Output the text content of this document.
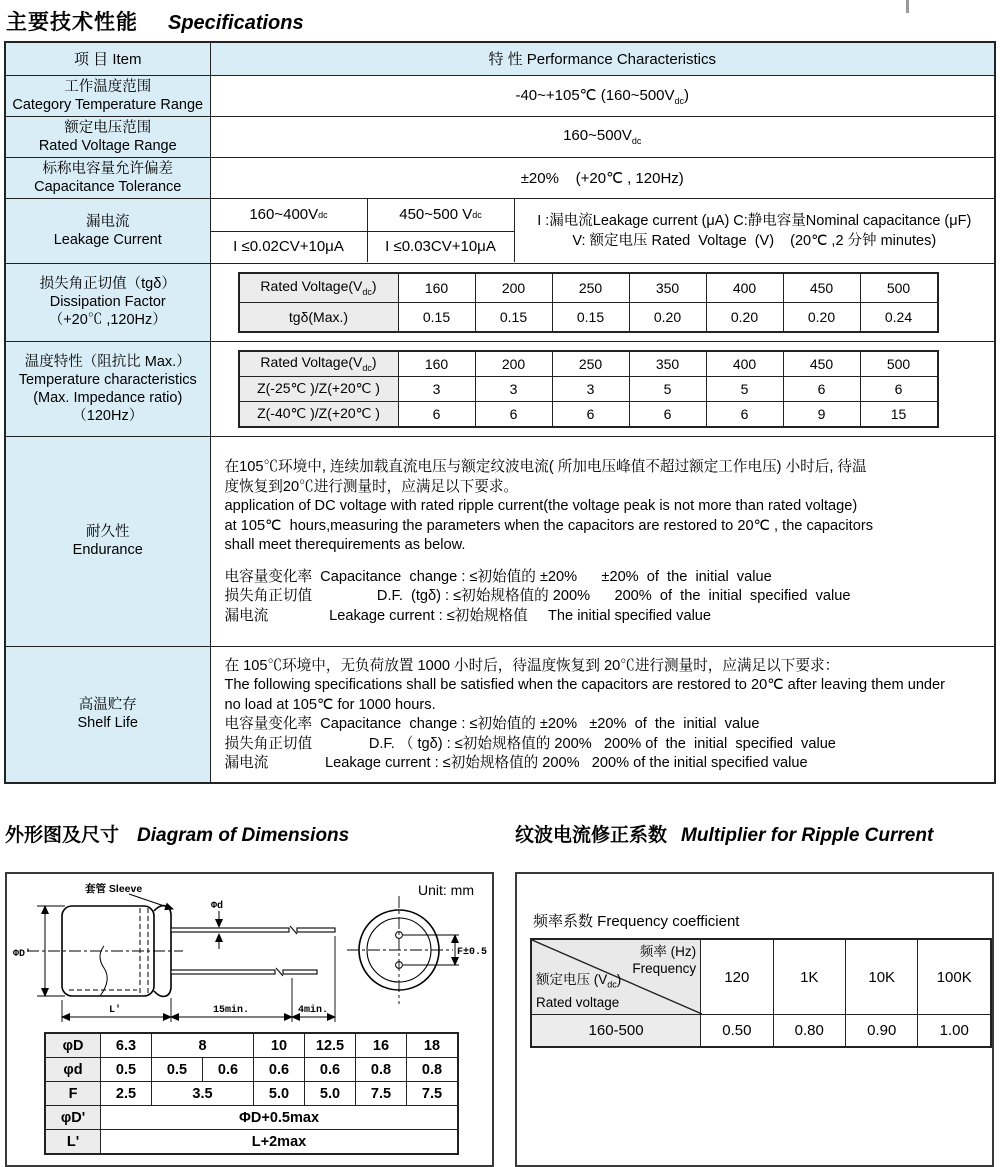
主要技术性能 Specifications
项 目 Item	特 性 Performance Characteristics

工作温度范围
Category Temperature Range
	-40~+105℃ $(160\sim 500V_{dc})$

额定电压范围
Rated Voltage Range
	$160\sim 500V_{dc}$

标称电容量允许偏差
Capacitance Tolerance	±20%    (+20℃ , 120Hz)

漏电流
Leakage Current

160~400V dc	450~500 V dc
I ≤0.02CV+10μA	I ≤0.03CV+10μA
I :漏电流Leakage current (μA) C:静电容量Nominal capacitance (μF)
V: 额定电压 Rated  Voltage  (V)    (20℃ ,2 分钟 minutes)

损失角正切值（tgδ）
Dissipation Factor
（+20℃ ,120Hz）

Rated $Voltage(V_{dc})$	160	200	250	350	400	450	500
tgδ(Max.)	0.15	0.15	0.15	0.20	0.20	0.20	0.24

温度特性（阻抗比 Max.）
Temperature characteristics
(Max. Impedance ratio)
（120Hz）

Rated $Voltage(V_{dc})$	160	200	250	350	400	450	500
Z(-25℃ )/Z(+20℃ )	3	3	3	5	5	6	6
Z(-40℃ )/Z(+20℃ )	6	6	6	6	6	9	15

耐久性
Endurance

在105℃环境中, 连续加载直流电压与额定纹波电流( 所加电压峰值不超过额定工作电压) 小时后, 待温
度恢复到20℃进行测量时，应满足以下要求。
application of DC voltage with rated ripple current(the voltage peak is not more than rated voltage)
at 105℃  hours,measuring the parameters when the capacitors are restored to 20℃ , the capacitors
shall meet therequirements as below.
电容量变化率  Capacitance  change : ≤初始值的 ±20%      ±20%  of  the  initial  value
损失角正切值                D.F.  (tgδ) : ≤初始规格值的 200%      200%  of  the  initial  specified  value
漏电流               Leakage current : ≤初始规格值     The initial specified value

高温贮存
Shelf Life

在 105℃环境中，无负荷放置 1000 小时后，待温度恢复到 20℃进行测量时，应满足以下要求：
The following specifications shall be satisfied when the capacitors are restored to 20℃ after leaving them under
no load at 105℃ for 1000 hours.
电容量变化率  Capacitance  change : ≤初始值的 ±20%   ±20%  of  the  initial  value
损失角正切值              D.F. （ tgδ) : ≤初始规格值的 200%   200% of  the  initial  specified  value
漏电流              Leakage current : ≤初始规格值的 200%   200% of the initial specified value
外形图及尺寸 Diagram of Dimensions	纹波电流修正系数 Multiplier for Ripple Current
Unit: mm
套管 Sleeve
Φd
ΦD'
L'	15min.	4min.
F±0.5
φD	6.3	8		10	12.5	16	18
φd	0.5	0.5	0.6	0.6	0.6	0.8	0.8
F	2.5	3.5		5.0	5.0	7.5	7.5
φD'	ΦD+0.5max						
L'	L+2max						
频率系数 Frequency coefficient
频率 (Hz)
Frequency
额定电压 $(V_{dc})$
Rated voltage	120	1K	10K	100K
160-500	0.50	0.80	0.90	1.00
